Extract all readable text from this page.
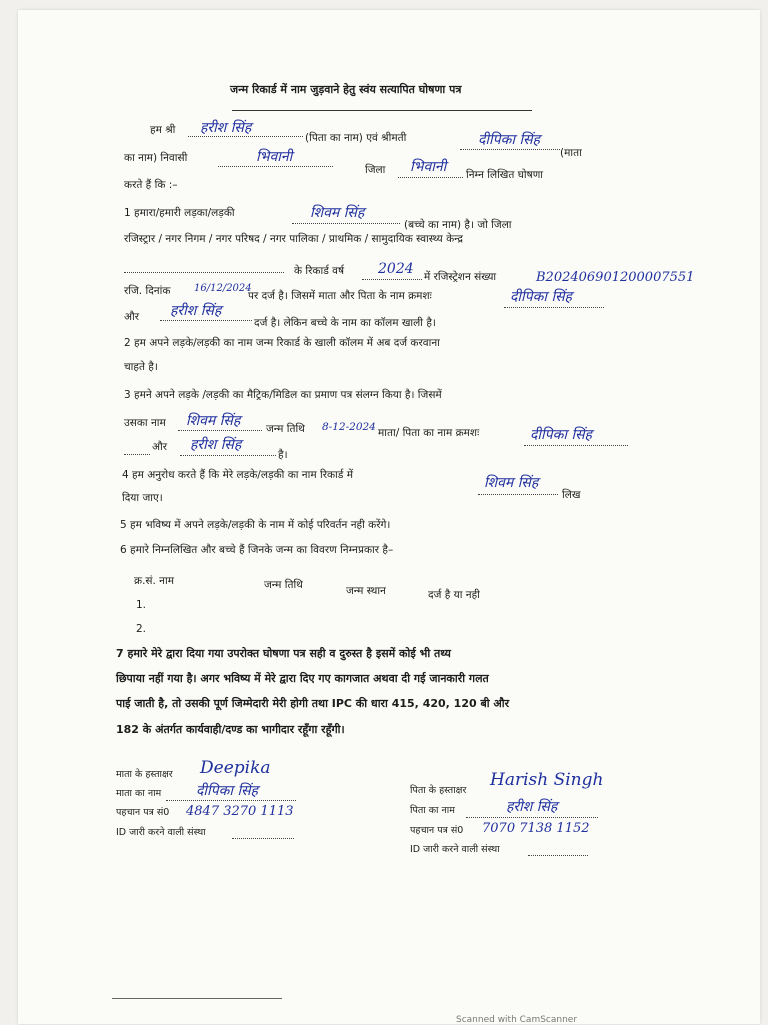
जन्म रिकार्ड में नाम जुड़वाने हेतु स्वंय सत्यापित घोषणा पत्र
हम श्री हरीश सिंह
(पिता का नाम) एवं श्रीमती	दीपिका सिंह
(माता
का नाम) निवासी	भिवानी
जिला भिवानी निम्न लिखित घोषणा
करते हैं कि :–
1 हमारा/हमारी लड़का/लड़की	शिवम सिंह
(बच्चे का नाम) है। जो जिला
रजिस्ट्रार / नगर निगम / नगर परिषद / नगर पालिका / प्राथमिक / सामुदायिक स्वास्थ्य केन्द्र
के रिकार्ड वर्ष 2024 में रजिस्ट्रेशन संख्या	B202406901200007551
रजि. दिनांक 16/12/2024
पर दर्ज है। जिसमें माता और पिता के नाम क्रमशः	दीपिका सिंह
और हरीश सिंह
दर्ज है। लेकिन बच्चे के नाम का कॉलम खाली है।
2 हम अपने लड़के/लड़की का नाम जन्म रिकार्ड के खाली कॉलम में अब दर्ज करवाना
चाहते है।
3 हमने अपने लड़के /लड़की का मैट्रिक/मिडिल का प्रमाण पत्र संलग्न किया है। जिसमें
उसका नाम शिवम सिंह जन्म तिथि 8-12-2024 माता/ पिता का नाम क्रमशः	दीपिका सिंह
और हरीश सिंह
है।
4 हम अनुरोध करते हैं कि मेरे लड़के/लड़की का नाम रिकार्ड में	शिवम सिंह
लिख
दिया जाए।
5 हम भविष्य में अपने लड़के/लड़की के नाम में कोई परिवर्तन नही करेंगे।
6 हमारे निम्नलिखित और बच्चे हैं जिनके जन्म का विवरण निम्नप्रकार है–
क्र.सं. नाम	जन्म तिथि	जन्म स्थान	दर्ज है या नही
1.
2.
7 हमारे मेरे द्वारा दिया गया उपरोक्त घोषणा पत्र सही व दुरुस्त है इसमें कोई भी तथ्य
छिपाया नहीं गया है। अगर भविष्य में मेरे द्वारा दिए गए कागजात अथवा दी गई जानकारी गलत
पाई जाती है, तो उसकी पूर्ण जिम्मेदारी मेरी होगी तथा IPC की धारा 415, 420, 120 बी और
182 के अंतर्गत कार्यवाही/दण्ड का भागीदार रहूँगा रहूँगी।
माता के हस्ताक्षर Deepika
माता का नाम दीपिका सिंह
पहचान पत्र सं0 4847 3270 1113
ID जारी करने वाली संस्था
पिता के हस्ताक्षर
Harish Singh
पिता का नाम	हरीश सिंह
पहचान पत्र सं0 7070 7138 1152
ID जारी करने वाली संस्था
Scanned with CamScanner
